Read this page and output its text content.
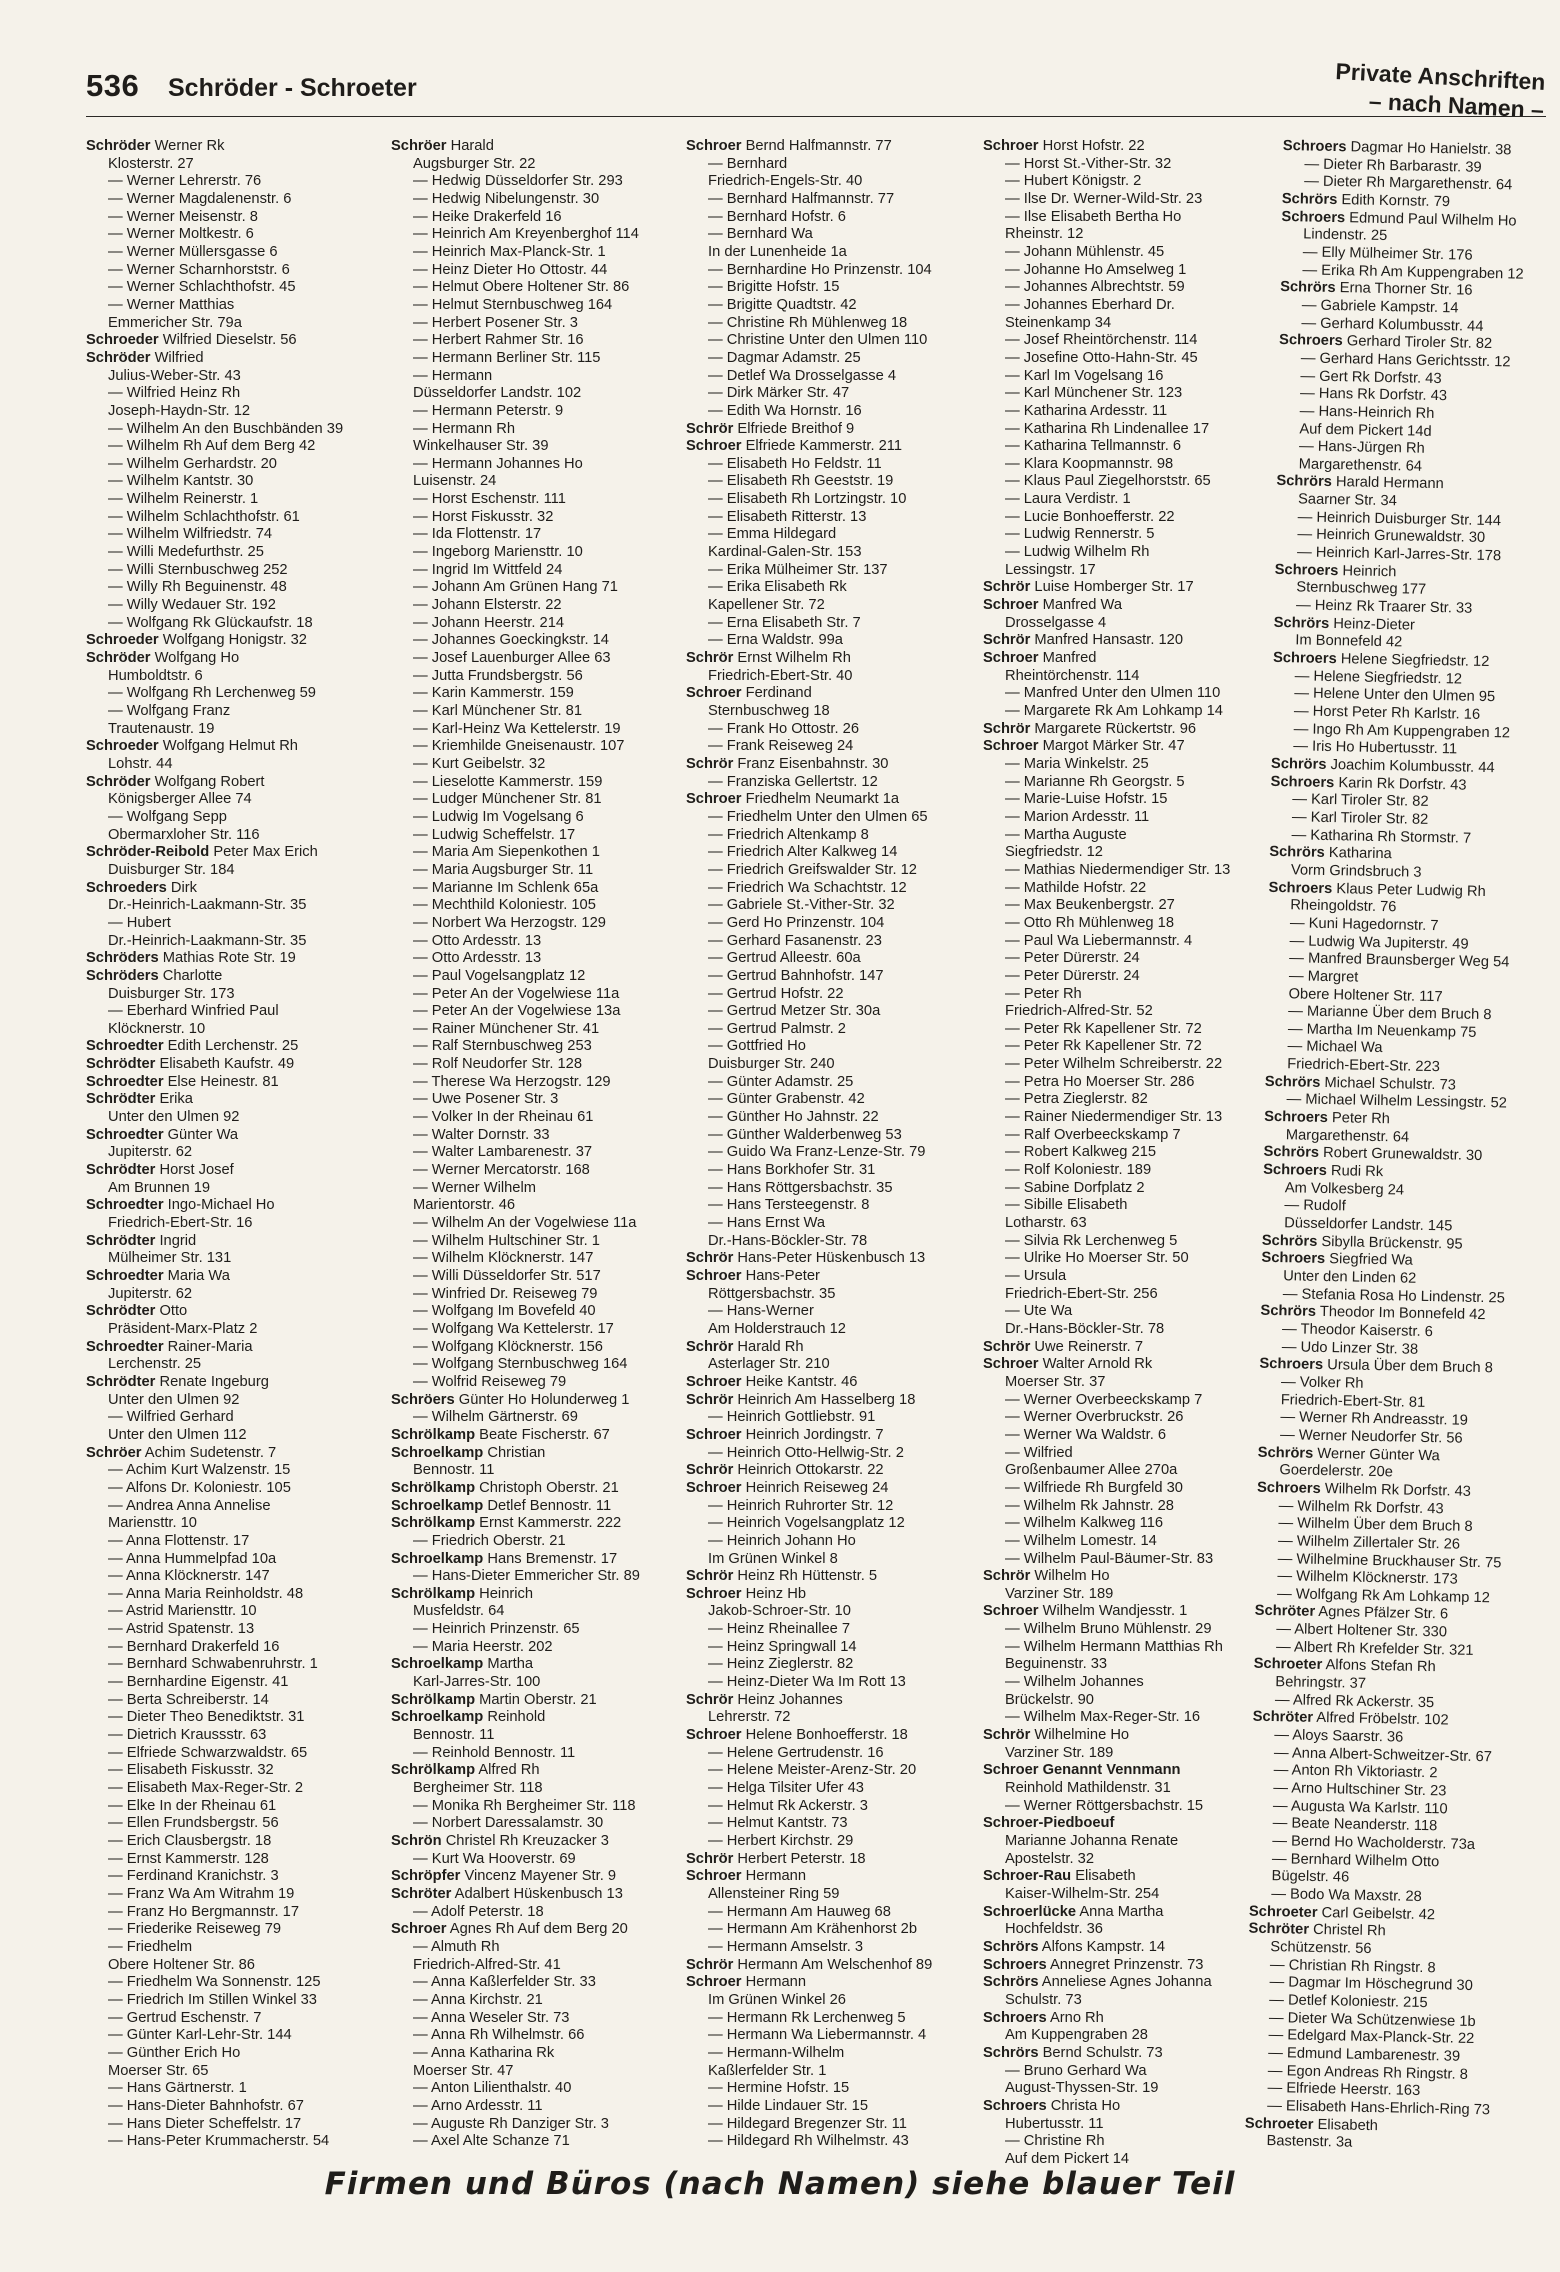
536 Schröder - Schroeter	Private Anschriften
– nach Namen –
Schröder Werner Rk
Klosterstr. 27
— Werner Lehrerstr. 76
— Werner Magdalenenstr. 6
— Werner Meisenstr. 8
— Werner Moltkestr. 6
— Werner Müllersgasse 6
— Werner Scharnhorststr. 6
— Werner Schlachthofstr. 45
— Werner Matthias
Emmericher Str. 79a
Schroeder Wilfried Dieselstr. 56
Schröder Wilfried
Julius-Weber-Str. 43
— Wilfried Heinz Rh
Joseph-Haydn-Str. 12
— Wilhelm An den Buschbänden 39
— Wilhelm Rh Auf dem Berg 42
— Wilhelm Gerhardstr. 20
— Wilhelm Kantstr. 30
— Wilhelm Reinerstr. 1
— Wilhelm Schlachthofstr. 61
— Wilhelm Wilfriedstr. 74
— Willi Medefurthstr. 25
— Willi Sternbuschweg 252
— Willy Rh Beguinenstr. 48
— Willy Wedauer Str. 192
— Wolfgang Rk Glückaufstr. 18
Schroeder Wolfgang Honigstr. 32
Schröder Wolfgang Ho
Humboldtstr. 6
— Wolfgang Rh Lerchenweg 59
— Wolfgang Franz
Trautenaustr. 19
Schroeder Wolfgang Helmut Rh
Lohstr. 44
Schröder Wolfgang Robert
Königsberger Allee 74
— Wolfgang Sepp
Obermarxloher Str. 116
Schröder-Reibold Peter Max Erich
Duisburger Str. 184
Schroeders Dirk
Dr.-Heinrich-Laakmann-Str. 35
— Hubert
Dr.-Heinrich-Laakmann-Str. 35
Schröders Mathias Rote Str. 19
Schröders Charlotte
Duisburger Str. 173
— Eberhard Winfried Paul
Klöcknerstr. 10
Schroedter Edith Lerchenstr. 25
Schrödter Elisabeth Kaufstr. 49
Schroedter Else Heinestr. 81
Schrödter Erika
Unter den Ulmen 92
Schroedter Günter Wa
Jupiterstr. 62
Schrödter Horst Josef
Am Brunnen 19
Schroedter Ingo-Michael Ho
Friedrich-Ebert-Str. 16
Schrödter Ingrid
Mülheimer Str. 131
Schroedter Maria Wa
Jupiterstr. 62
Schrödter Otto
Präsident-Marx-Platz 2
Schroedter Rainer-Maria
Lerchenstr. 25
Schrödter Renate Ingeburg
Unter den Ulmen 92
— Wilfried Gerhard
Unter den Ulmen 112
Schröer Achim Sudetenstr. 7
— Achim Kurt Walzenstr. 15
— Alfons Dr. Koloniestr. 105
— Andrea Anna Annelise
Mariensttr. 10
— Anna Flottenstr. 17
— Anna Hummelpfad 10a
— Anna Klöcknerstr. 147
— Anna Maria Reinholdstr. 48
— Astrid Mariensttr. 10
— Astrid Spatenstr. 13
— Bernhard Drakerfeld 16
— Bernhard Schwabenruhrstr. 1
— Bernhardine Eigenstr. 41
— Berta Schreiberstr. 14
— Dieter Theo Benediktstr. 31
— Dietrich Kraussstr. 63
— Elfriede Schwarzwaldstr. 65
— Elisabeth Fiskusstr. 32
— Elisabeth Max-Reger-Str. 2
— Elke In der Rheinau 61
— Ellen Frundsbergstr. 56
— Erich Clausbergstr. 18
— Ernst Kammerstr. 128
— Ferdinand Kranichstr. 3
— Franz Wa Am Witrahm 19
— Franz Ho Bergmannstr. 17
— Friederike Reiseweg 79
— Friedhelm
Obere Holtener Str. 86
— Friedhelm Wa Sonnenstr. 125
— Friedrich Im Stillen Winkel 33
— Gertrud Eschenstr. 7
— Günter Karl-Lehr-Str. 144
— Günther Erich Ho
Moerser Str. 65
— Hans Gärtnerstr. 1
— Hans-Dieter Bahnhofstr. 67
— Hans Dieter Scheffelstr. 17
— Hans-Peter Krummacherstr. 54
Schröer Harald
Augsburger Str. 22
— Hedwig Düsseldorfer Str. 293
— Hedwig Nibelungenstr. 30
— Heike Drakerfeld 16
— Heinrich Am Kreyenberghof 114
— Heinrich Max-Planck-Str. 1
— Heinz Dieter Ho Ottostr. 44
— Helmut Obere Holtener Str. 86
— Helmut Sternbuschweg 164
— Herbert Posener Str. 3
— Herbert Rahmer Str. 16
— Hermann Berliner Str. 115
— Hermann
Düsseldorfer Landstr. 102
— Hermann Peterstr. 9
— Hermann Rh
Winkelhauser Str. 39
— Hermann Johannes Ho
Luisenstr. 24
— Horst Eschenstr. 111
— Horst Fiskusstr. 32
— Ida Flottenstr. 17
— Ingeborg Mariensttr. 10
— Ingrid Im Wittfeld 24
— Johann Am Grünen Hang 71
— Johann Elsterstr. 22
— Johann Heerstr. 214
— Johannes Goeckingkstr. 14
— Josef Lauenburger Allee 63
— Jutta Frundsbergstr. 56
— Karin Kammerstr. 159
— Karl Münchener Str. 81
— Karl-Heinz Wa Kettelerstr. 19
— Kriemhilde Gneisenaustr. 107
— Kurt Geibelstr. 32
— Lieselotte Kammerstr. 159
— Ludger Münchener Str. 81
— Ludwig Im Vogelsang 6
— Ludwig Scheffelstr. 17
— Maria Am Siepenkothen 1
— Maria Augsburger Str. 11
— Marianne Im Schlenk 65a
— Mechthild Koloniestr. 105
— Norbert Wa Herzogstr. 129
— Otto Ardesstr. 13
— Otto Ardesstr. 13
— Paul Vogelsangplatz 12
— Peter An der Vogelwiese 11a
— Peter An der Vogelwiese 13a
— Rainer Münchener Str. 41
— Ralf Sternbuschweg 253
— Rolf Neudorfer Str. 128
— Therese Wa Herzogstr. 129
— Uwe Posener Str. 3
— Volker In der Rheinau 61
— Walter Dornstr. 33
— Walter Lambarenestr. 37
— Werner Mercatorstr. 168
— Werner Wilhelm
Marientorstr. 46
— Wilhelm An der Vogelwiese 11a
— Wilhelm Hultschiner Str. 1
— Wilhelm Klöcknerstr. 147
— Willi Düsseldorfer Str. 517
— Winfried Dr. Reiseweg 79
— Wolfgang Im Bovefeld 40
— Wolfgang Wa Kettelerstr. 17
— Wolfgang Klöcknerstr. 156
— Wolfgang Sternbuschweg 164
— Wolfrid Reiseweg 79
Schröers Günter Ho Holunderweg 1
— Wilhelm Gärtnerstr. 69
Schrölkamp Beate Fischerstr. 67
Schroelkamp Christian
Bennostr. 11
Schrölkamp Christoph Oberstr. 21
Schroelkamp Detlef Bennostr. 11
Schrölkamp Ernst Kammerstr. 222
— Friedrich Oberstr. 21
Schroelkamp Hans Bremenstr. 17
— Hans-Dieter Emmericher Str. 89
Schrölkamp Heinrich
Musfeldstr. 64
— Heinrich Prinzenstr. 65
— Maria Heerstr. 202
Schroelkamp Martha
Karl-Jarres-Str. 100
Schrölkamp Martin Oberstr. 21
Schroelkamp Reinhold
Bennostr. 11
— Reinhold Bennostr. 11
Schrölkamp Alfred Rh
Bergheimer Str. 118
— Monika Rh Bergheimer Str. 118
— Norbert Daressalamstr. 30
Schrön Christel Rh Kreuzacker 3
— Kurt Wa Hooverstr. 69
Schröpfer Vincenz Mayener Str. 9
Schröter Adalbert Hüskenbusch 13
— Adolf Peterstr. 18
Schroer Agnes Rh Auf dem Berg 20
— Almuth Rh
Friedrich-Alfred-Str. 41
— Anna Kaßlerfelder Str. 33
— Anna Kirchstr. 21
— Anna Weseler Str. 73
— Anna Rh Wilhelmstr. 66
— Anna Katharina Rk
Moerser Str. 47
— Anton Lilienthalstr. 40
— Arno Ardesstr. 11
— Auguste Rh Danziger Str. 3
— Axel Alte Schanze 71
Schroer Bernd Halfmannstr. 77
— Bernhard
Friedrich-Engels-Str. 40
— Bernhard Halfmannstr. 77
— Bernhard Hofstr. 6
— Bernhard Wa
In der Lunenheide 1a
— Bernhardine Ho Prinzenstr. 104
— Brigitte Hofstr. 15
— Brigitte Quadtstr. 42
— Christine Rh Mühlenweg 18
— Christine Unter den Ulmen 110
— Dagmar Adamstr. 25
— Detlef Wa Drosselgasse 4
— Dirk Märker Str. 47
— Edith Wa Hornstr. 16
Schrör Elfriede Breithof 9
Schroer Elfriede Kammerstr. 211
— Elisabeth Ho Feldstr. 11
— Elisabeth Rh Geeststr. 19
— Elisabeth Rh Lortzingstr. 10
— Elisabeth Ritterstr. 13
— Emma Hildegard
Kardinal-Galen-Str. 153
— Erika Mülheimer Str. 137
— Erika Elisabeth Rk
Kapellener Str. 72
— Erna Elisabeth Str. 7
— Erna Waldstr. 99a
Schrör Ernst Wilhelm Rh
Friedrich-Ebert-Str. 40
Schroer Ferdinand
Sternbuschweg 18
— Frank Ho Ottostr. 26
— Frank Reiseweg 24
Schrör Franz Eisenbahnstr. 30
— Franziska Gellertstr. 12
Schroer Friedhelm Neumarkt 1a
— Friedhelm Unter den Ulmen 65
— Friedrich Altenkamp 8
— Friedrich Alter Kalkweg 14
— Friedrich Greifswalder Str. 12
— Friedrich Wa Schachtstr. 12
— Gabriele St.-Vither-Str. 32
— Gerd Ho Prinzenstr. 104
— Gerhard Fasanenstr. 23
— Gertrud Alleestr. 60a
— Gertrud Bahnhofstr. 147
— Gertrud Hofstr. 22
— Gertrud Metzer Str. 30a
— Gertrud Palmstr. 2
— Gottfried Ho
Duisburger Str. 240
— Günter Adamstr. 25
— Günter Grabenstr. 42
— Günther Ho Jahnstr. 22
— Günther Walderbenweg 53
— Guido Wa Franz-Lenze-Str. 79
— Hans Borkhofer Str. 31
— Hans Röttgersbachstr. 35
— Hans Tersteegenstr. 8
— Hans Ernst Wa
Dr.-Hans-Böckler-Str. 78
Schrör Hans-Peter Hüskenbusch 13
Schroer Hans-Peter
Röttgersbachstr. 35
— Hans-Werner
Am Holderstrauch 12
Schrör Harald Rh
Asterlager Str. 210
Schroer Heike Kantstr. 46
Schrör Heinrich Am Hasselberg 18
— Heinrich Gottliebstr. 91
Schroer Heinrich Jordingstr. 7
— Heinrich Otto-Hellwig-Str. 2
Schrör Heinrich Ottokarstr. 22
Schroer Heinrich Reiseweg 24
— Heinrich Ruhrorter Str. 12
— Heinrich Vogelsangplatz 12
— Heinrich Johann Ho
Im Grünen Winkel 8
Schrör Heinz Rh Hüttenstr. 5
Schroer Heinz Hb
Jakob-Schroer-Str. 10
— Heinz Rheinallee 7
— Heinz Springwall 14
— Heinz Zieglerstr. 82
— Heinz-Dieter Wa Im Rott 13
Schrör Heinz Johannes
Lehrerstr. 72
Schroer Helene Bonhoefferstr. 18
— Helene Gertrudenstr. 16
— Helene Meister-Arenz-Str. 20
— Helga Tilsiter Ufer 43
— Helmut Rk Ackerstr. 3
— Helmut Kantstr. 73
— Herbert Kirchstr. 29
Schrör Herbert Peterstr. 18
Schroer Hermann
Allensteiner Ring 59
— Hermann Am Hauweg 68
— Hermann Am Krähenhorst 2b
— Hermann Amselstr. 3
Schrör Hermann Am Welschenhof 89
Schroer Hermann
Im Grünen Winkel 26
— Hermann Rk Lerchenweg 5
— Hermann Wa Liebermannstr. 4
— Hermann-Wilhelm
Kaßlerfelder Str. 1
— Hermine Hofstr. 15
— Hilde Lindauer Str. 15
— Hildegard Bregenzer Str. 11
— Hildegard Rh Wilhelmstr. 43
Schroer Horst Hofstr. 22
— Horst St.-Vither-Str. 32
— Hubert Königstr. 2
— Ilse Dr. Werner-Wild-Str. 23
— Ilse Elisabeth Bertha Ho
Rheinstr. 12
— Johann Mühlenstr. 45
— Johanne Ho Amselweg 1
— Johannes Albrechtstr. 59
— Johannes Eberhard Dr.
Steinenkamp 34
— Josef Rheintörchenstr. 114
— Josefine Otto-Hahn-Str. 45
— Karl Im Vogelsang 16
— Karl Münchener Str. 123
— Katharina Ardesstr. 11
— Katharina Rh Lindenallee 17
— Katharina Tellmannstr. 6
— Klara Koopmannstr. 98
— Klaus Paul Ziegelhorststr. 65
— Laura Verdistr. 1
— Lucie Bonhoefferstr. 22
— Ludwig Rennerstr. 5
— Ludwig Wilhelm Rh
Lessingstr. 17
Schrör Luise Homberger Str. 17
Schroer Manfred Wa
Drosselgasse 4
Schrör Manfred Hansastr. 120
Schroer Manfred
Rheintörchenstr. 114
— Manfred Unter den Ulmen 110
— Margarete Rk Am Lohkamp 14
Schrör Margarete Rückertstr. 96
Schroer Margot Märker Str. 47
— Maria Winkelstr. 25
— Marianne Rh Georgstr. 5
— Marie-Luise Hofstr. 15
— Marion Ardesstr. 11
— Martha Auguste
Siegfriedstr. 12
— Mathias Niedermendiger Str. 13
— Mathilde Hofstr. 22
— Max Beukenbergstr. 27
— Otto Rh Mühlenweg 18
— Paul Wa Liebermannstr. 4
— Peter Dürerstr. 24
— Peter Dürerstr. 24
— Peter Rh
Friedrich-Alfred-Str. 52
— Peter Rk Kapellener Str. 72
— Peter Rk Kapellener Str. 72
— Peter Wilhelm Schreiberstr. 22
— Petra Ho Moerser Str. 286
— Petra Zieglerstr. 82
— Rainer Niedermendiger Str. 13
— Ralf Overbeeckskamp 7
— Robert Kalkweg 215
— Rolf Koloniestr. 189
— Sabine Dorfplatz 2
— Sibille Elisabeth
Lotharstr. 63
— Silvia Rk Lerchenweg 5
— Ulrike Ho Moerser Str. 50
— Ursula
Friedrich-Ebert-Str. 256
— Ute Wa
Dr.-Hans-Böckler-Str. 78
Schrör Uwe Reinerstr. 7
Schroer Walter Arnold Rk
Moerser Str. 37
— Werner Overbeeckskamp 7
— Werner Overbruckstr. 26
— Werner Wa Waldstr. 6
— Wilfried
Großenbaumer Allee 270a
— Wilfriede Rh Burgfeld 30
— Wilhelm Rk Jahnstr. 28
— Wilhelm Kalkweg 116
— Wilhelm Lomestr. 14
— Wilhelm Paul-Bäumer-Str. 83
Schrör Wilhelm Ho
Varziner Str. 189
Schroer Wilhelm Wandjesstr. 1
— Wilhelm Bruno Mühlenstr. 29
— Wilhelm Hermann Matthias Rh
Beguinenstr. 33
— Wilhelm Johannes
Brückelstr. 90
— Wilhelm Max-Reger-Str. 16
Schrör Wilhelmine Ho
Varziner Str. 189
Schroer Genannt Vennmann
Reinhold Mathildenstr. 31
— Werner Röttgersbachstr. 15
Schroer-Piedboeuf
Marianne Johanna Renate
Apostelstr. 32
Schroer-Rau Elisabeth
Kaiser-Wilhelm-Str. 254
Schroerlücke Anna Martha
Hochfeldstr. 36
Schrörs Alfons Kampstr. 14
Schroers Annegret Prinzenstr. 73
Schrörs Anneliese Agnes Johanna
Schulstr. 73
Schroers Arno Rh
Am Kuppengraben 28
Schrörs Bernd Schulstr. 73
— Bruno Gerhard Wa
August-Thyssen-Str. 19
Schroers Christa Ho
Hubertusstr. 11
— Christine Rh
Auf dem Pickert 14
Schroers Dagmar Ho Hanielstr. 38
— Dieter Rh Barbarastr. 39
— Dieter Rh Margarethenstr. 64
Schrörs Edith Kornstr. 79
Schroers Edmund Paul Wilhelm Ho
Lindenstr. 25
— Elly Mülheimer Str. 176
— Erika Rh Am Kuppengraben 12
Schrörs Erna Thorner Str. 16
— Gabriele Kampstr. 14
— Gerhard Kolumbusstr. 44
Schroers Gerhard Tiroler Str. 82
— Gerhard Hans Gerichtsstr. 12
— Gert Rk Dorfstr. 43
— Hans Rk Dorfstr. 43
— Hans-Heinrich Rh
Auf dem Pickert 14d
— Hans-Jürgen Rh
Margarethenstr. 64
Schrörs Harald Hermann
Saarner Str. 34
— Heinrich Duisburger Str. 144
— Heinrich Grunewaldstr. 30
— Heinrich Karl-Jarres-Str. 178
Schroers Heinrich
Sternbuschweg 177
— Heinz Rk Traarer Str. 33
Schrörs Heinz-Dieter
Im Bonnefeld 42
Schroers Helene Siegfriedstr. 12
— Helene Siegfriedstr. 12
— Helene Unter den Ulmen 95
— Horst Peter Rh Karlstr. 16
— Ingo Rh Am Kuppengraben 12
— Iris Ho Hubertusstr. 11
Schrörs Joachim Kolumbusstr. 44
Schroers Karin Rk Dorfstr. 43
— Karl Tiroler Str. 82
— Karl Tiroler Str. 82
— Katharina Rh Stormstr. 7
Schrörs Katharina
Vorm Grindsbruch 3
Schroers Klaus Peter Ludwig Rh
Rheingoldstr. 76
— Kuni Hagedornstr. 7
— Ludwig Wa Jupiterstr. 49
— Manfred Braunsberger Weg 54
— Margret
Obere Holtener Str. 117
— Marianne Über dem Bruch 8
— Martha Im Neuenkamp 75
— Michael Wa
Friedrich-Ebert-Str. 223
Schrörs Michael Schulstr. 73
— Michael Wilhelm Lessingstr. 52
Schroers Peter Rh
Margarethenstr. 64
Schrörs Robert Grunewaldstr. 30
Schroers Rudi Rk
Am Volkesberg 24
— Rudolf
Düsseldorfer Landstr. 145
Schrörs Sibylla Brückenstr. 95
Schroers Siegfried Wa
Unter den Linden 62
— Stefania Rosa Ho Lindenstr. 25
Schrörs Theodor Im Bonnefeld 42
— Theodor Kaiserstr. 6
— Udo Linzer Str. 38
Schroers Ursula Über dem Bruch 8
— Volker Rh
Friedrich-Ebert-Str. 81
— Werner Rh Andreasstr. 19
— Werner Neudorfer Str. 56
Schrörs Werner Günter Wa
Goerdelerstr. 20e
Schroers Wilhelm Rk Dorfstr. 43
— Wilhelm Rk Dorfstr. 43
— Wilhelm Über dem Bruch 8
— Wilhelm Zillertaler Str. 26
— Wilhelmine Bruckhauser Str. 75
— Wilhelm Klöcknerstr. 173
— Wolfgang Rk Am Lohkamp 12
Schröter Agnes Pfälzer Str. 6
— Albert Holtener Str. 330
— Albert Rh Krefelder Str. 321
Schroeter Alfons Stefan Rh
Behringstr. 37
— Alfred Rk Ackerstr. 35
Schröter Alfred Fröbelstr. 102
— Aloys Saarstr. 36
— Anna Albert-Schweitzer-Str. 67
— Anton Rh Viktoriastr. 2
— Arno Hultschiner Str. 23
— Augusta Wa Karlstr. 110
— Beate Neanderstr. 118
— Bernd Ho Wacholderstr. 73a
— Bernhard Wilhelm Otto
Bügelstr. 46
— Bodo Wa Maxstr. 28
Schroeter Carl Geibelstr. 42
Schröter Christel Rh
Schützenstr. 56
— Christian Rh Ringstr. 8
— Dagmar Im Höschegrund 30
— Detlef Koloniestr. 215
— Dieter Wa Schützenwiese 1b
— Edelgard Max-Planck-Str. 22
— Edmund Lambarenestr. 39
— Egon Andreas Rh Ringstr. 8
— Elfriede Heerstr. 163
— Elisabeth Hans-Ehrlich-Ring 73
Schroeter Elisabeth
Bastenstr. 3a
Firmen und Büros (nach Namen) siehe blauer Teil
